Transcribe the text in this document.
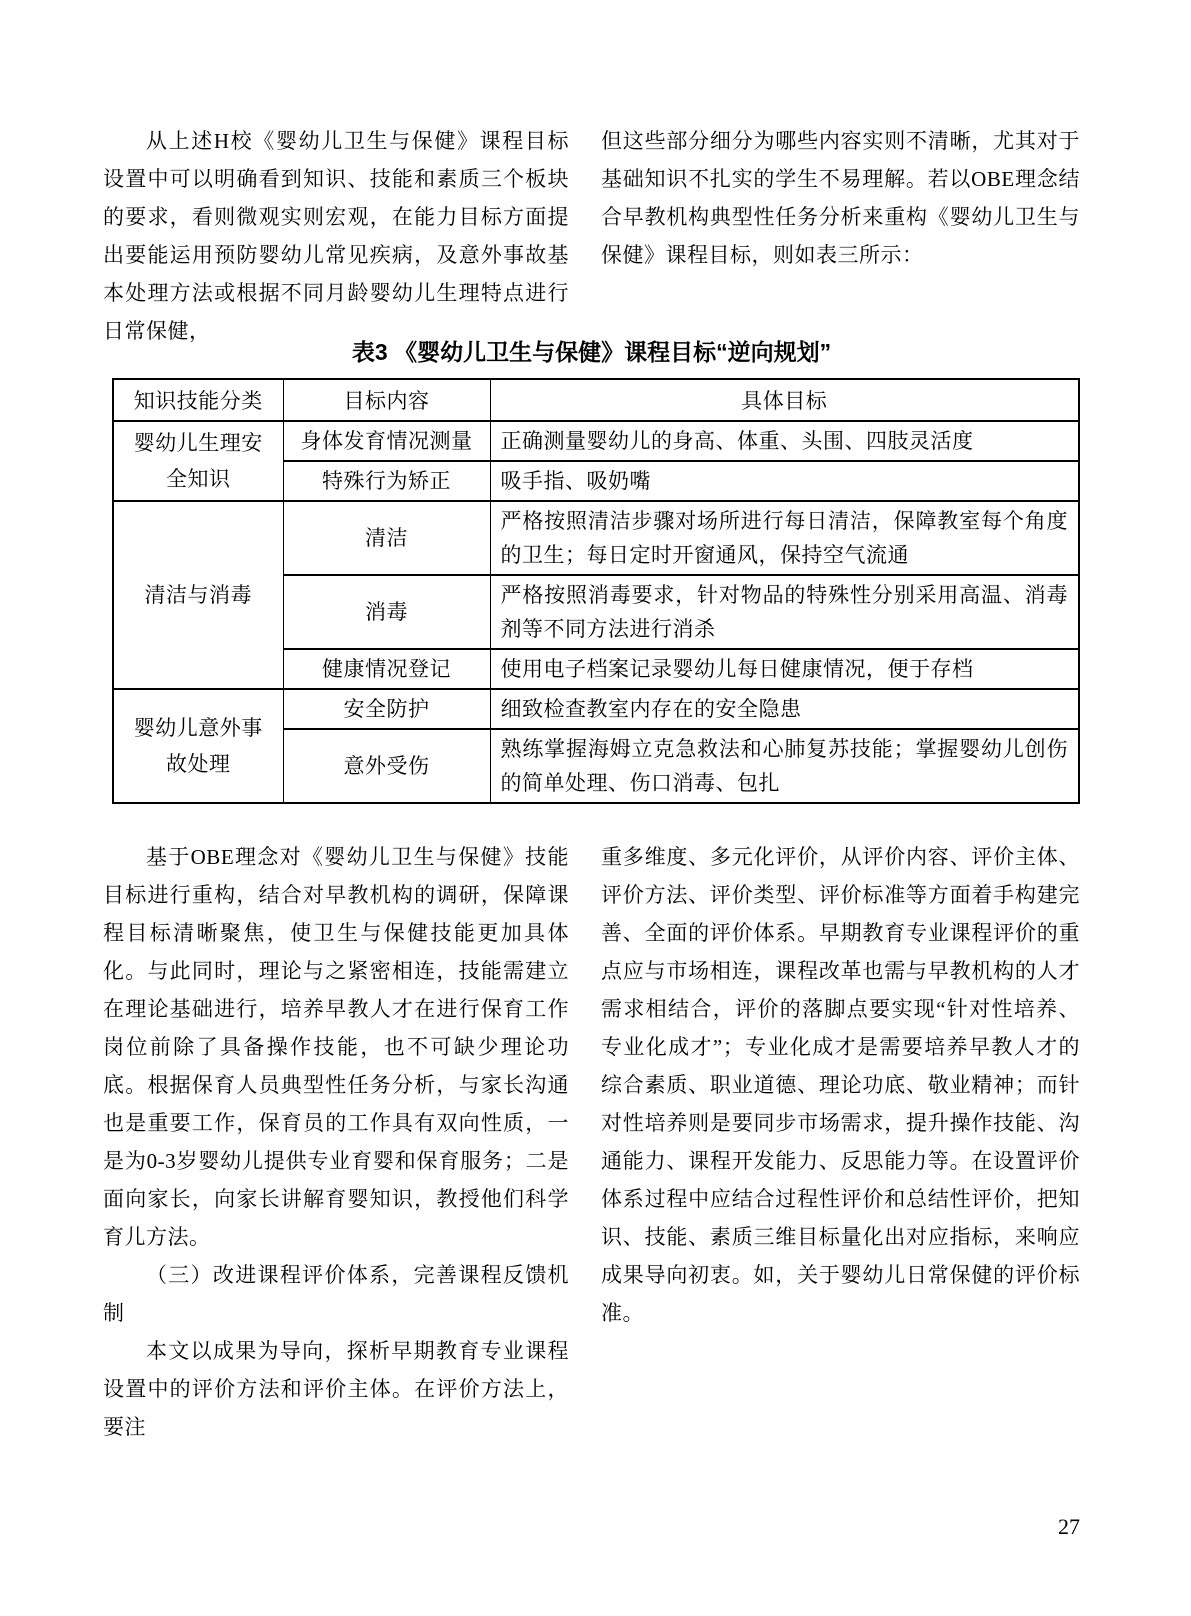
从上述H校《婴幼儿卫生与保健》课程目标设置中可以明确看到知识、技能和素质三个板块的要求，看则微观实则宏观，在能力目标方面提出要能运用预防婴幼儿常见疾病，及意外事故基本处理方法或根据不同月龄婴幼儿生理特点进行日常保健，

但这些部分细分为哪些内容实则不清晰，尤其对于基础知识不扎实的学生不易理解。若以OBE理念结合早教机构典型性任务分析来重构《婴幼儿卫生与保健》课程目标，则如表三所示：

表3 《婴幼儿卫生与保健》课程目标“逆向规划”
知识技能分类	目标内容	具体目标
婴幼儿生理安全知识	身体发育情况测量	正确测量婴幼儿的身高、体重、头围、四肢灵活度
	特殊行为矫正	吸手指、吸奶嘴
清洁与消毒	清洁	严格按照清洁步骤对场所进行每日清洁，保障教室每个角度的卫生；每日定时开窗通风，保持空气流通
	消毒	严格按照消毒要求，针对物品的特殊性分别采用高温、消毒剂等不同方法进行消杀
	健康情况登记	使用电子档案记录婴幼儿每日健康情况，便于存档
婴幼儿意外事故处理	安全防护	细致检查教室内存在的安全隐患
	意外受伤	熟练掌握海姆立克急救法和心肺复苏技能；掌握婴幼儿创伤的简单处理、伤口消毒、包扎

基于OBE理念对《婴幼儿卫生与保健》技能目标进行重构，结合对早教机构的调研，保障课程目标清晰聚焦，使卫生与保健技能更加具体化。与此同时，理论与之紧密相连，技能需建立在理论基础进行，培养早教人才在进行保育工作岗位前除了具备操作技能，也不可缺少理论功底。根据保育人员典型性任务分析，与家长沟通也是重要工作，保育员的工作具有双向性质，一是为0-3岁婴幼儿提供专业育婴和保育服务；二是面向家长，向家长讲解育婴知识，教授他们科学育儿方法。

（三）改进课程评价体系，完善课程反馈机制

本文以成果为导向，探析早期教育专业课程设置中的评价方法和评价主体。在评价方法上，要注

重多维度、多元化评价，从评价内容、评价主体、评价方法、评价类型、评价标准等方面着手构建完善、全面的评价体系。早期教育专业课程评价的重点应与市场相连，课程改革也需与早教机构的人才需求相结合，评价的落脚点要实现“针对性培养、专业化成才”；专业化成才是需要培养早教人才的综合素质、职业道德、理论功底、敬业精神；而针对性培养则是要同步市场需求，提升操作技能、沟通能力、课程开发能力、反思能力等。在设置评价体系过程中应结合过程性评价和总结性评价，把知识、技能、素质三维目标量化出对应指标，来响应成果导向初衷。如，关于婴幼儿日常保健的评价标准。

27
